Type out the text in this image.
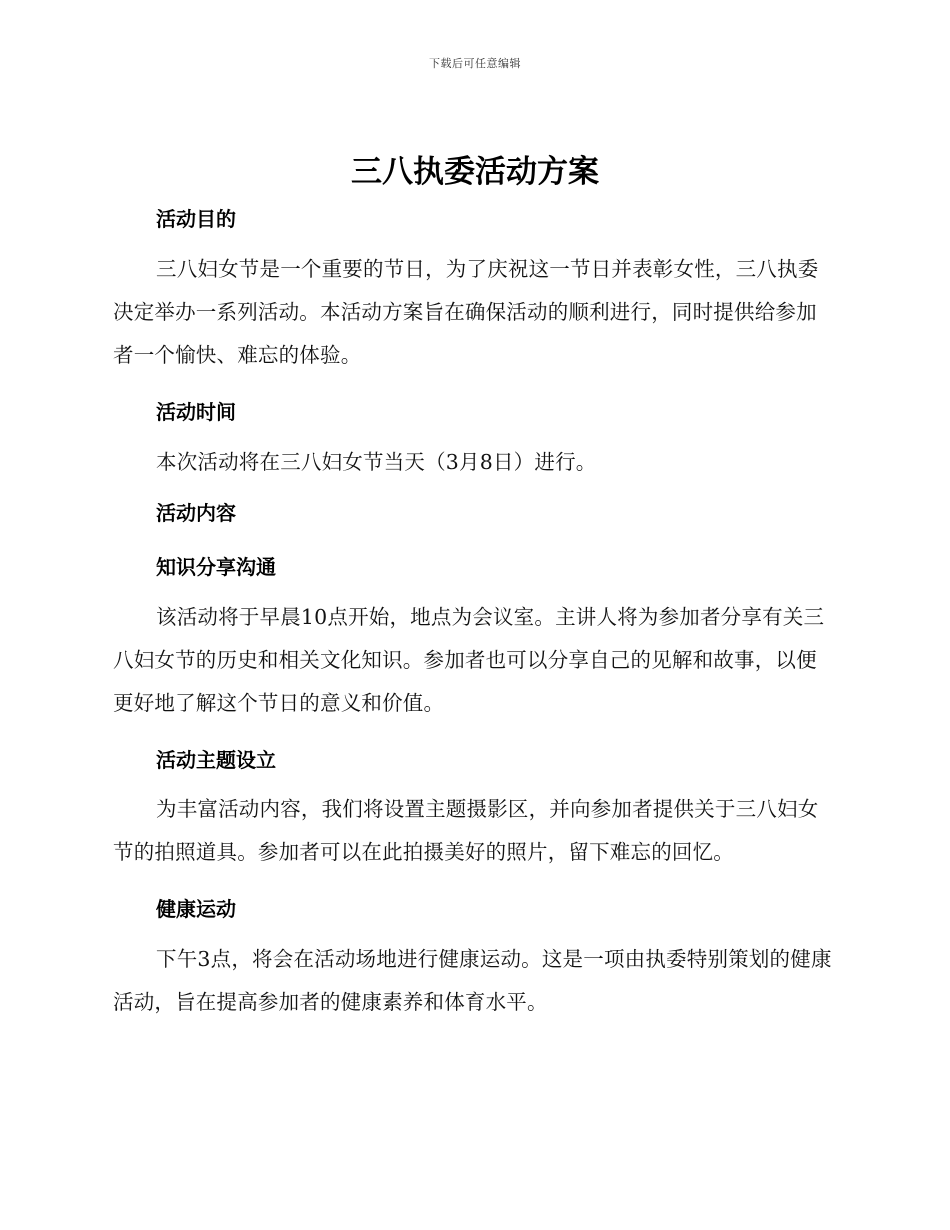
下载后可任意编辑
三八执委活动方案
活动目的

三八妇女节是一个重要的节日，为了庆祝这一节日并表彰女性，三八执委决定举办一系列活动。本活动方案旨在确保活动的顺利进行，同时提供给参加者一个愉快、难忘的体验。

活动时间

本次活动将在三八妇女节当天（3月8日）进行。

活动内容
知识分享沟通

该活动将于早晨10点开始，地点为会议室。主讲人将为参加者分享有关三八妇女节的历史和相关文化知识。参加者也可以分享自己的见解和故事，以便更好地了解这个节日的意义和价值。

活动主题设立

为丰富活动内容，我们将设置主题摄影区，并向参加者提供关于三八妇女节的拍照道具。参加者可以在此拍摄美好的照片，留下难忘的回忆。

健康运动

下午3点，将会在活动场地进行健康运动。这是一项由执委特别策划的健康活动，旨在提高参加者的健康素养和体育水平。
